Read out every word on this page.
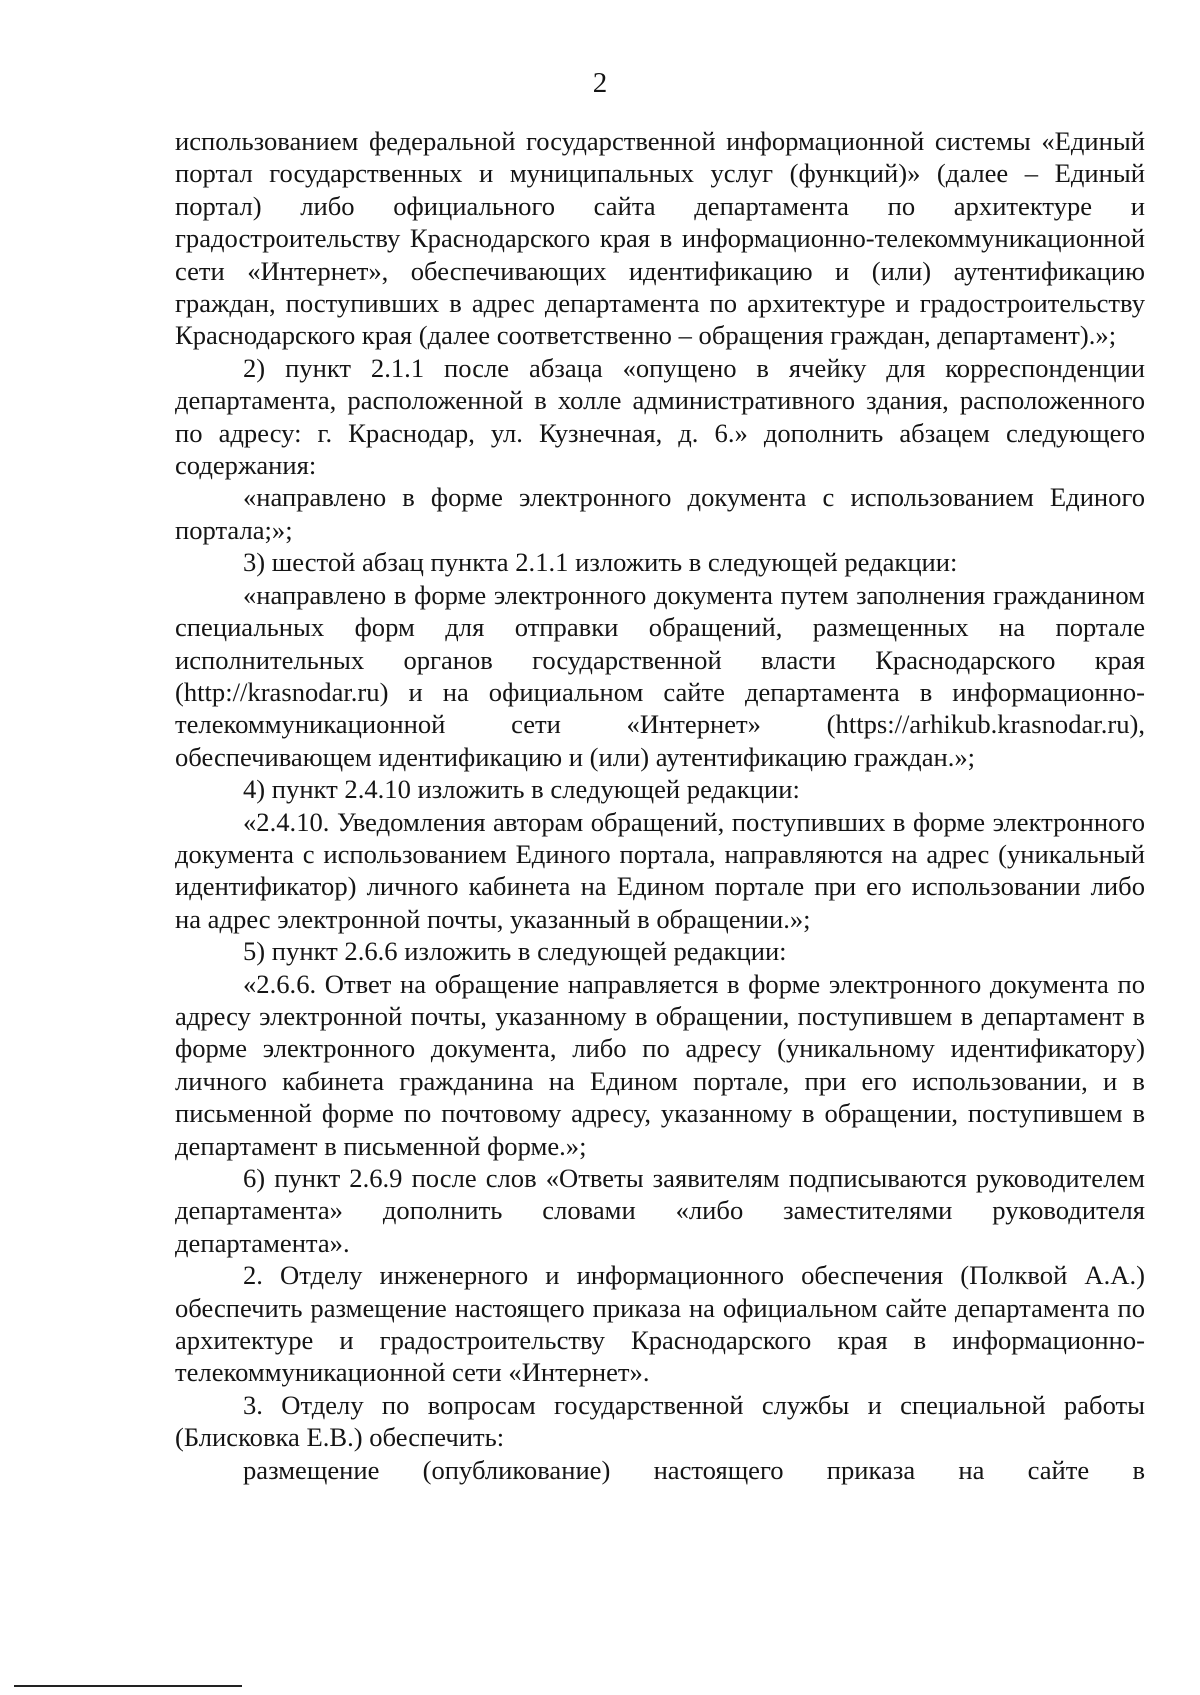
2

использованием федеральной государственной информационной системы «Единый портал государственных и муниципальных услуг (функций)» (далее – Единый портал) либо официального сайта департамента по архитектуре и градостроительству Краснодарского края в информационно-телекоммуникационной сети «Интернет», обеспечивающих идентификацию и (или) аутентификацию граждан, поступивших в адрес департамента по архитектуре и градостроительству Краснодарского края (далее соответственно – обращения граждан, департамент).»;

2) пункт 2.1.1 после абзаца «опущено в ячейку для корреспонденции департамента, расположенной в холле административного здания, расположенного по адресу: г. Краснодар, ул. Кузнечная, д. 6.» дополнить абзацем следующего содержания:

«направлено в форме электронного документа с использованием Единого портала;»;

3) шестой абзац пункта 2.1.1 изложить в следующей редакции:

«направлено в форме электронного документа путем заполнения гражданином специальных форм для отправки обращений, размещенных на портале исполнительных органов государственной власти Краснодарского края (http://krasnodar.ru) и на официальном сайте департамента в информационно-телекоммуникационной сети «Интернет» (https://arhikub.krasnodar.ru), обеспечивающем идентификацию и (или) аутентификацию граждан.»;

4) пункт 2.4.10 изложить в следующей редакции:

«2.4.10. Уведомления авторам обращений, поступивших в форме электронного документа с использованием Единого портала, направляются на адрес (уникальный идентификатор) личного кабинета на Едином портале при его использовании либо на адрес электронной почты, указанный в обращении.»;

5) пункт 2.6.6 изложить в следующей редакции:

«2.6.6. Ответ на обращение направляется в форме электронного документа по адресу электронной почты, указанному в обращении, поступившем в департамент в форме электронного документа, либо по адресу (уникальному идентификатору) личного кабинета гражданина на Едином портале, при его использовании, и в письменной форме по почтовому адресу, указанному в обращении, поступившем в департамент в письменной форме.»;

6) пункт 2.6.9 после слов «Ответы заявителям подписываются руководителем департамента» дополнить словами «либо заместителями руководителя департамента».

2. Отделу инженерного и информационного обеспечения (Полквой А.А.) обеспечить размещение настоящего приказа на официальном сайте департамента по архитектуре и градостроительству Краснодарского края в информационно-телекоммуникационной сети «Интернет».

3. Отделу по вопросам государственной службы и специальной работы (Блисковка Е.В.) обеспечить:

размещение (опубликование) настоящего приказа на сайте в
